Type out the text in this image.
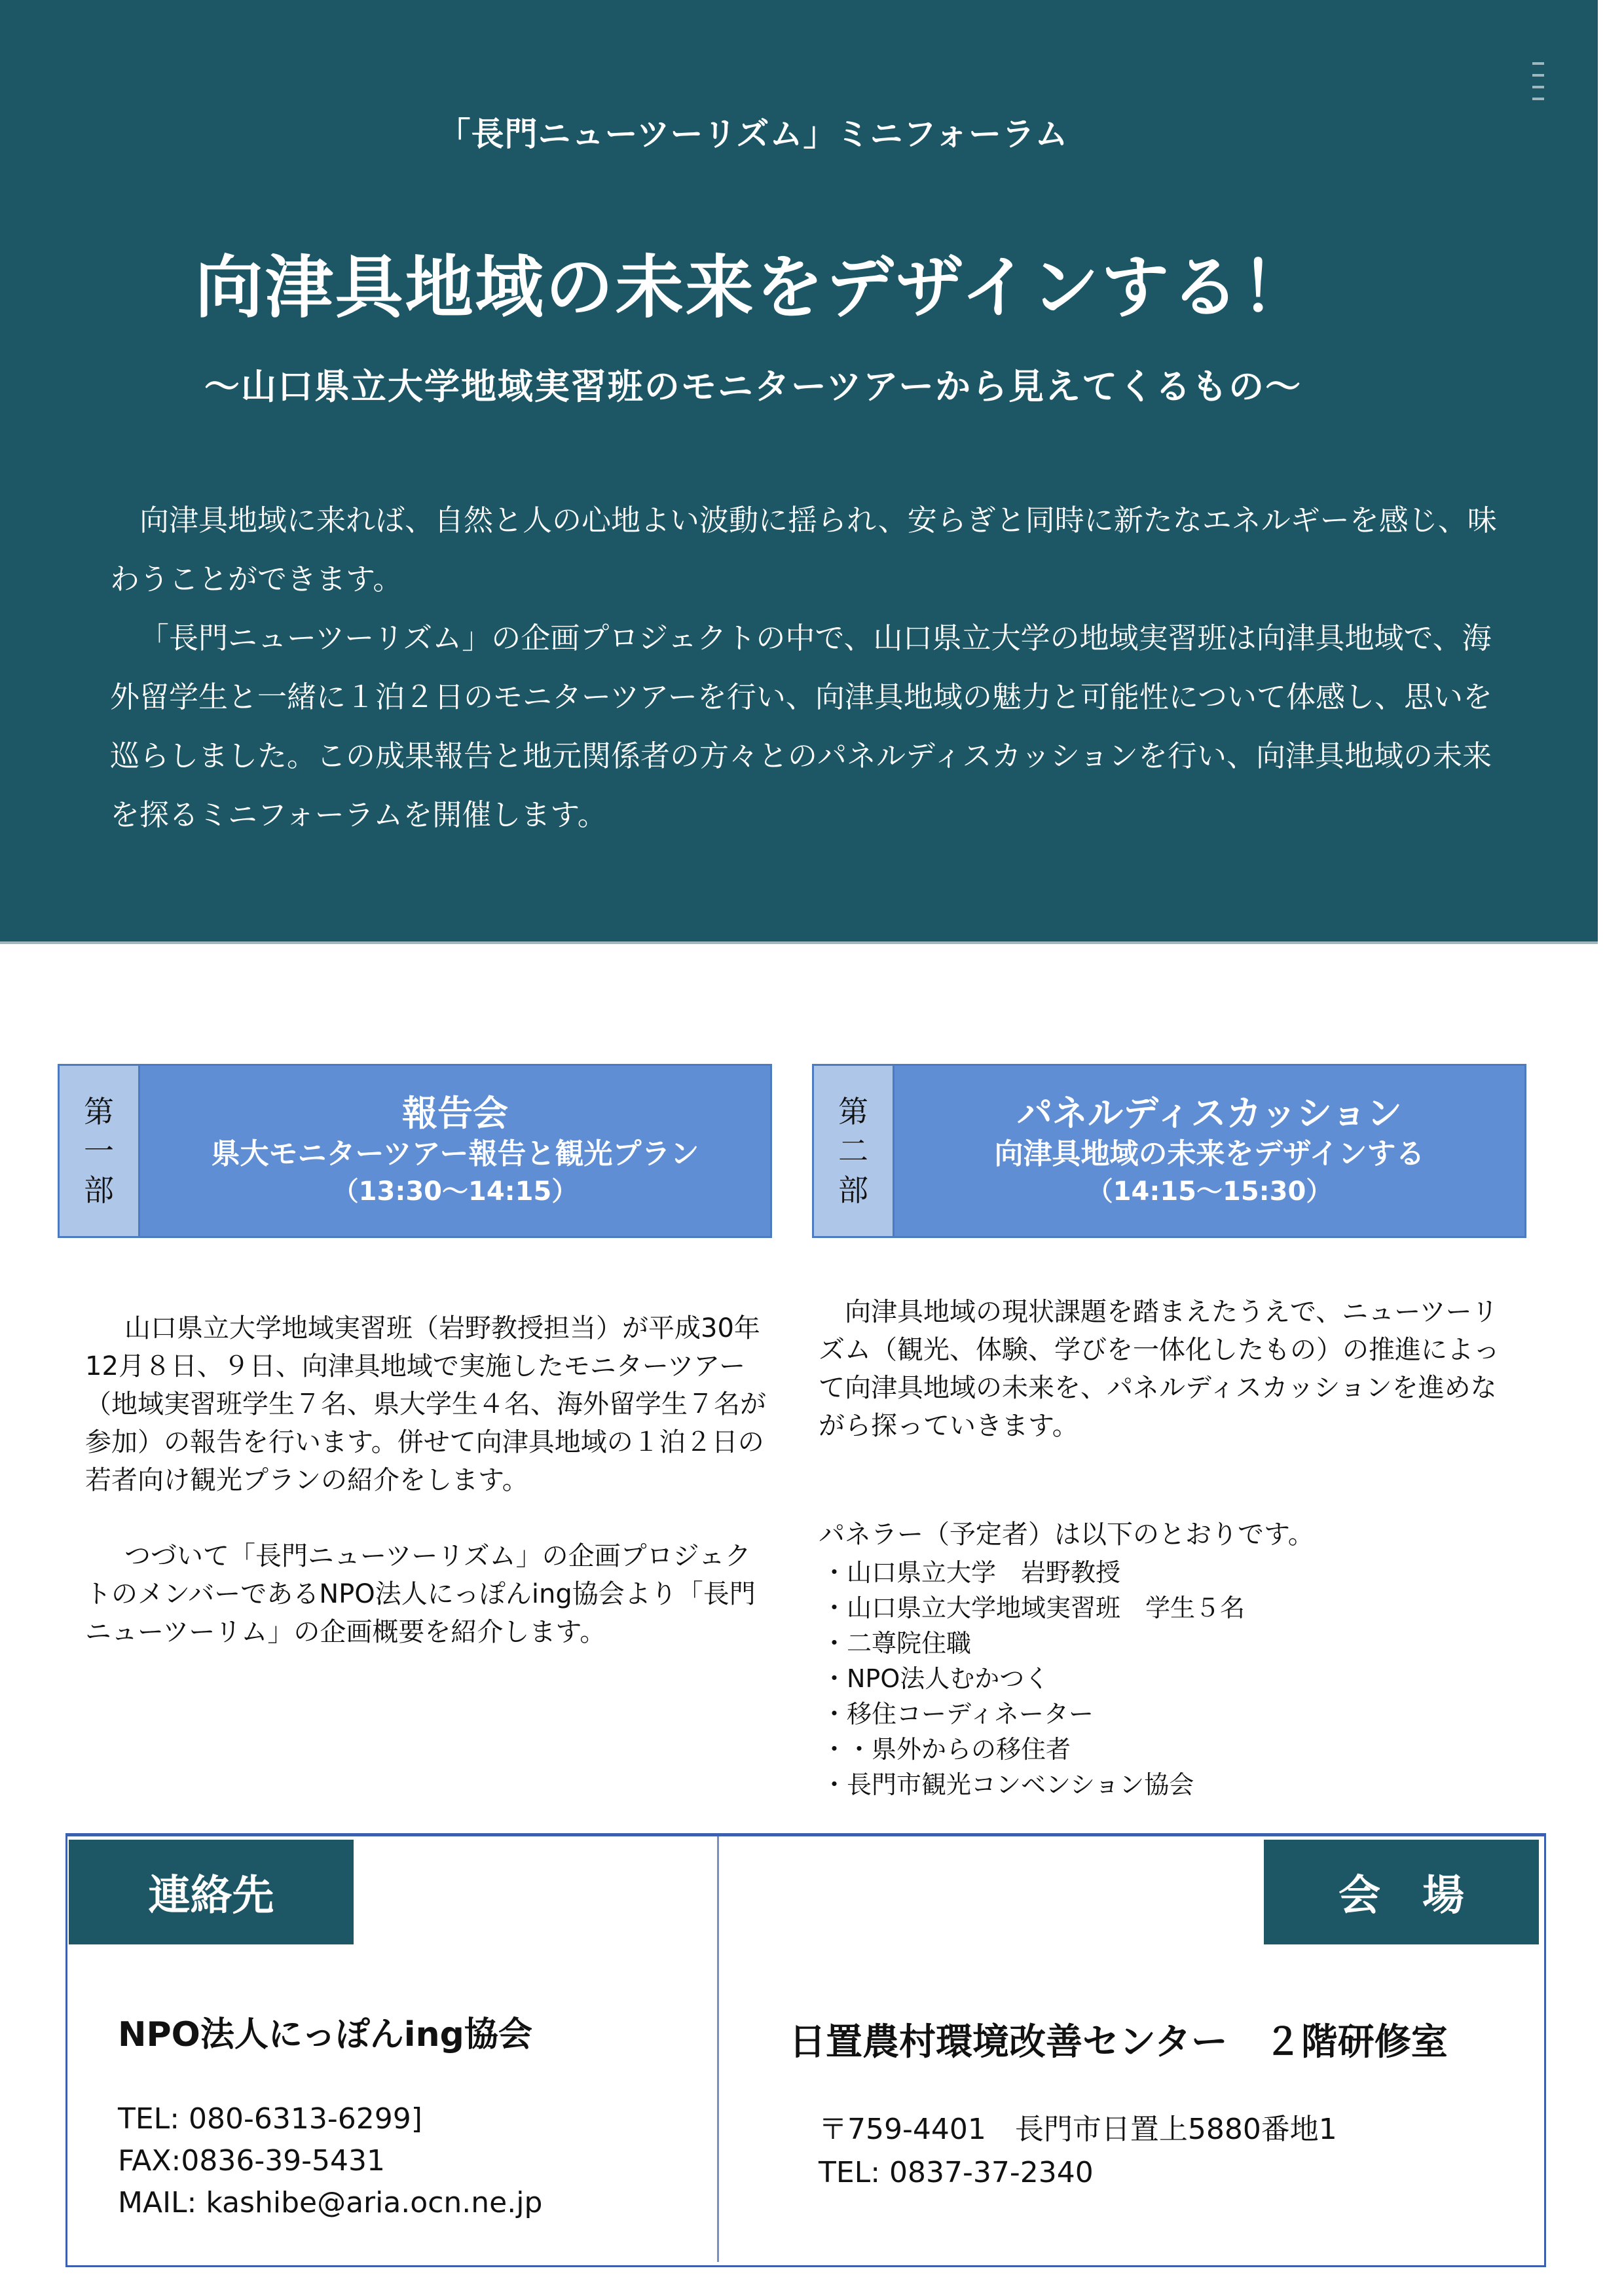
「長門ニューツーリズム」ミニフォーラム
向津具地域の未来をデザインする！
～山口県立大学地域実習班のモニターツアーから見えてくるもの～

向津具地域に来れば、自然と人の心地よい波動に揺られ、安らぎと同時に新たなエネルギーを感じ、味わうことができます。

「長門ニューツーリズム」の企画プロジェクトの中で、山口県立大学の地域実習班は向津具地域で、海外留学生と一緒に１泊２日のモニターツアーを行い、向津具地域の魅力と可能性について体感し、思いを巡らしました。この成果報告と地元関係者の方々とのパネルディスカッションを行い、向津具地域の未来を探るミニフォーラムを開催します。

第
一
部
報告会
県大モニターツアー報告と観光プラン
（13:30～14:15）
第
二
部
パネルディスカッション
向津具地域の未来をデザインする
（14:15～15:30）

山口県立大学地域実習班（岩野教授担当）が平成30年12月８日、９日、向津具地域で実施したモニターツアー（地域実習班学生７名、県大学生４名、海外留学生７名が参加）の報告を行います。併せて向津具地域の１泊２日の若者向け観光プランの紹介をします。

つづいて「長門ニューツーリズム」の企画プロジェクトのメンバーであるNPO法人にっぽんing協会より「長門ニューツーリム」の企画概要を紹介します。

向津具地域の現状課題を踏まえたうえで、ニューツーリズム（観光、体験、学びを一体化したもの）の推進によって向津具地域の未来を、パネルディスカッションを進めながら探っていきます。

パネラー（予定者）は以下のとおりです。

・山口県立大学　岩野教授
・山口県立大学地域実習班　学生５名
・二尊院住職
・NPO法人むかつく
・移住コーディネーター
・・県外からの移住者
・長門市観光コンベンション協会
連絡先	会　場
NPO法人にっぽんing協会
TEL: 080-6313-6299]
FAX:0836-39-5431
MAIL: kashibe@aria.ocn.ne.jp
日置農村環境改善センター　２階研修室
〒759-4401　長門市日置上5880番地1
TEL: 0837-37-2340
